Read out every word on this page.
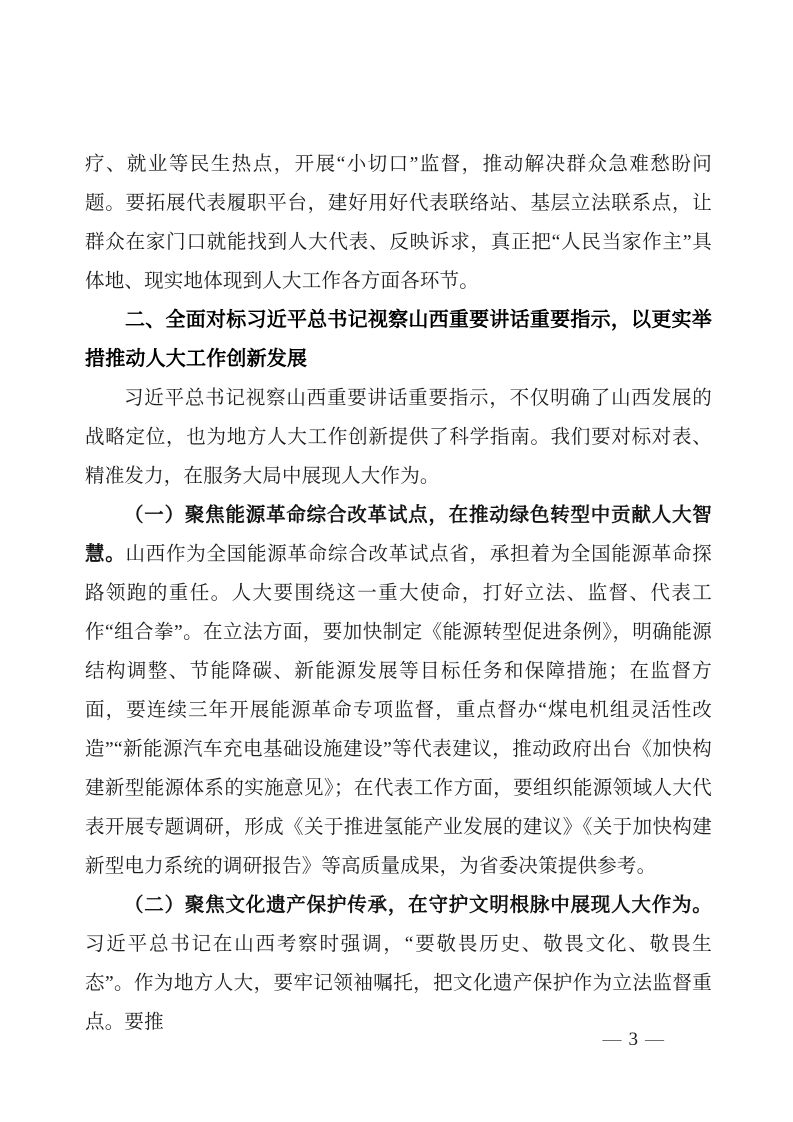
疗、就业等民生热点，开展“小切口”监督，推动解决群众急难愁盼问题。要拓展代表履职平台，建好用好代表联络站、基层立法联系点，让群众在家门口就能找到人大代表、反映诉求，真正把“人民当家作主”具体地、现实地体现到人大工作各方面各环节。

二、全面对标习近平总书记视察山西重要讲话重要指示，以更实举措推动人大工作创新发展

习近平总书记视察山西重要讲话重要指示，不仅明确了山西发展的战略定位，也为地方人大工作创新提供了科学指南。我们要对标对表、精准发力，在服务大局中展现人大作为。

（一）聚焦能源革命综合改革试点，在推动绿色转型中贡献人大智慧。山西作为全国能源革命综合改革试点省，承担着为全国能源革命探路领跑的重任。人大要围绕这一重大使命，打好立法、监督、代表工作“组合拳”。在立法方面，要加快制定《能源转型促进条例》，明确能源结构调整、节能降碳、新能源发展等目标任务和保障措施；在监督方面，要连续三年开展能源革命专项监督，重点督办“煤电机组灵活性改造”“新能源汽车充电基础设施建设”等代表建议，推动政府出台《加快构建新型能源体系的实施意见》；在代表工作方面，要组织能源领域人大代表开展专题调研，形成《关于推进氢能产业发展的建议》《关于加快构建新型电力系统的调研报告》等高质量成果，为省委决策提供参考。

（二）聚焦文化遗产保护传承，在守护文明根脉中展现人大作为。习近平总书记在山西考察时强调，“要敬畏历史、敬畏文化、敬畏生态”。作为地方人大，要牢记领袖嘱托，把文化遗产保护作为立法监督重点。要推

— 3 —
